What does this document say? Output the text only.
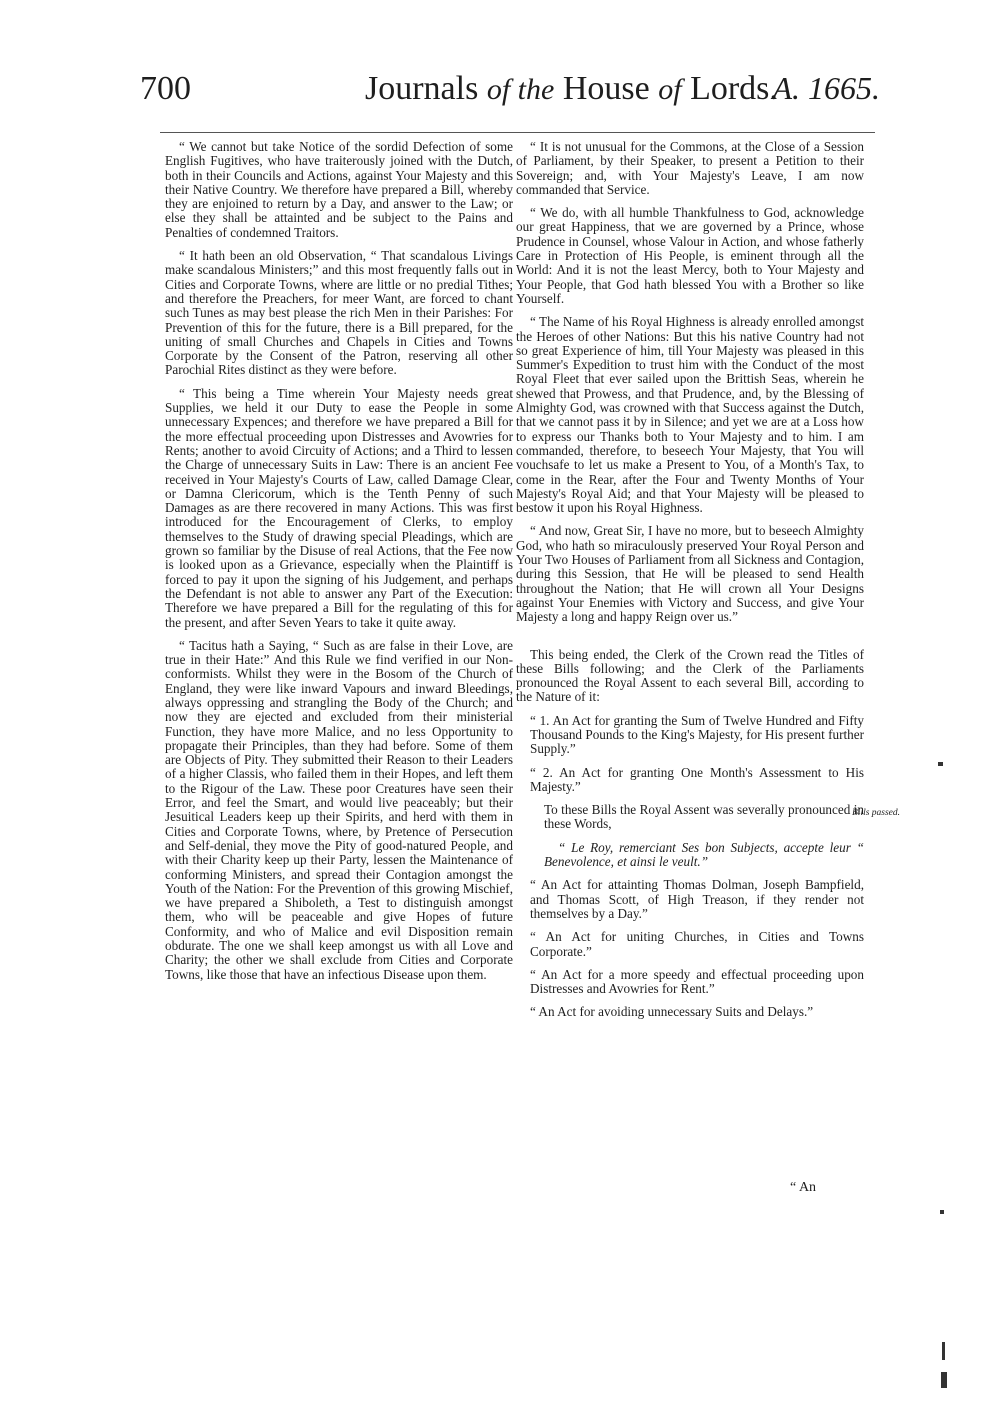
700	Journals of the House of Lords.
A. 1665.

“ We cannot but take Notice of the sordid Defection of some English Fugitives, who have traiterously joined with the Dutch, both in their Councils and Actions, against Your Majesty and this their Native Country. We therefore have prepared a Bill, whereby they are enjoined to return by a Day, and answer to the Law; or else they shall be attainted and be subject to the Pains and Penalties of condemned Traitors.

“ It hath been an old Observation, “ That scandalous Livings make scandalous Ministers;” and this most frequently falls out in Cities and Corporate Towns, where are little or no predial Tithes; and therefore the Preachers, for meer Want, are forced to chant such Tunes as may best please the rich Men in their Parishes: For Prevention of this for the future, there is a Bill prepared, for the uniting of small Churches and Chapels in Cities and Towns Corporate by the Consent of the Patron, reserving all other Parochial Rites distinct as they were before.

“ This being a Time wherein Your Majesty needs great Supplies, we held it our Duty to ease the People in some unnecessary Expences; and therefore we have prepared a Bill for the more effectual proceeding upon Distresses and Avowries for Rents; another to avoid Circuity of Actions; and a Third to lessen the Charge of unnecessary Suits in Law: There is an ancient Fee received in Your Majesty's Courts of Law, called Damage Clear, or Damna Clericorum, which is the Tenth Penny of such Damages as are there recovered in many Actions. This was first introduced for the Encouragement of Clerks, to employ themselves to the Study of drawing special Pleadings, which are grown so familiar by the Disuse of real Actions, that the Fee now is looked upon as a Grievance, especially when the Plaintiff is forced to pay it upon the signing of his Judgement, and perhaps the Defendant is not able to answer any Part of the Execution: Therefore we have prepared a Bill for the regulating of this for the present, and after Seven Years to take it quite away.

“ Tacitus hath a Saying, “ Such as are false in their Love, are true in their Hate:” And this Rule we find verified in our Non-conformists. Whilst they were in the Bosom of the Church of England, they were like inward Vapours and inward Bleedings, always oppressing and strangling the Body of the Church; and now they are ejected and excluded from their ministerial Function, they have more Malice, and no less Opportunity to propagate their Principles, than they had before. Some of them are Objects of Pity. They submitted their Reason to their Leaders of a higher Classis, who failed them in their Hopes, and left them to the Rigour of the Law. These poor Creatures have seen their Error, and feel the Smart, and would live peaceably; but their Jesuitical Leaders keep up their Spirits, and herd with them in Cities and Corporate Towns, where, by Pretence of Persecution and Self-denial, they move the Pity of good-natured People, and with their Charity keep up their Party, lessen the Maintenance of conforming Ministers, and spread their Contagion amongst the Youth of the Nation: For the Prevention of this growing Mischief, we have prepared a Shiboleth, a Test to distinguish amongst them, who will be peaceable and give Hopes of future Conformity, and who of Malice and evil Disposition remain obdurate. The one we shall keep amongst us with all Love and Charity; the other we shall exclude from Cities and Corporate Towns, like those that have an infectious Disease upon them.

“ It is not unusual for the Commons, at the Close of a Session of Parliament, by their Speaker, to present a Petition to their Sovereign; and, with Your Majesty's Leave, I am now commanded that Service.

“ We do, with all humble Thankfulness to God, acknowledge our great Happiness, that we are governed by a Prince, whose Prudence in Counsel, whose Valour in Action, and whose fatherly Care in Protection of His People, is eminent through all the World: And it is not the least Mercy, both to Your Majesty and Your People, that God hath blessed You with a Brother so like Yourself.

“ The Name of his Royal Highness is already enrolled amongst the Heroes of other Nations: But this his native Country had not so great Experience of him, till Your Majesty was pleased in this Summer's Expedition to trust him with the Conduct of the most Royal Fleet that ever sailed upon the Brittish Seas, wherein he shewed that Prowess, and that Prudence, and, by the Blessing of Almighty God, was crowned with that Success against the Dutch, that we cannot pass it by in Silence; and yet we are at a Loss how to express our Thanks both to Your Majesty and to him. I am commanded, therefore, to beseech Your Majesty, that You will vouchsafe to let us make a Present to You, of a Month's Tax, to come in the Rear, after the Four and Twenty Months of Your Majesty's Royal Aid; and that Your Majesty will be pleased to bestow it upon his Royal Highness.

“ And now, Great Sir, I have no more, but to beseech Almighty God, who hath so miraculously preserved Your Royal Person and Your Two Houses of Parliament from all Sickness and Contagion, during this Session, that He will be pleased to send Health throughout the Nation; that He will crown all Your Designs against Your Enemies with Victory and Success, and give Your Majesty a long and happy Reign over us.”

This being ended, the Clerk of the Crown read the Titles of these Bills following; and the Clerk of the Parliaments pronounced the Royal Assent to each several Bill, according to the Nature of it:

“ 1. An Act for granting the Sum of Twelve Hundred and Fifty Thousand Pounds to the King's Majesty, for His present further Supply.”

“ 2. An Act for granting One Month's Assessment to His Majesty.”

To these Bills the Royal Assent was severally pronounced in these Words,

“ Le Roy, remerciant Ses bon Subjects, accepte leur “ Benevolence, et ainsi le veult.”

“ An Act for attainting Thomas Dolman, Joseph Bampfield, and Thomas Scott, of High Treason, if they render not themselves by a Day.”

“ An Act for uniting Churches, in Cities and Towns Corporate.”

“ An Act for a more speedy and effectual proceeding upon Distresses and Avowries for Rent.”

“ An Act for avoiding unnecessary Suits and Delays.”

Bills passed.
“ An
